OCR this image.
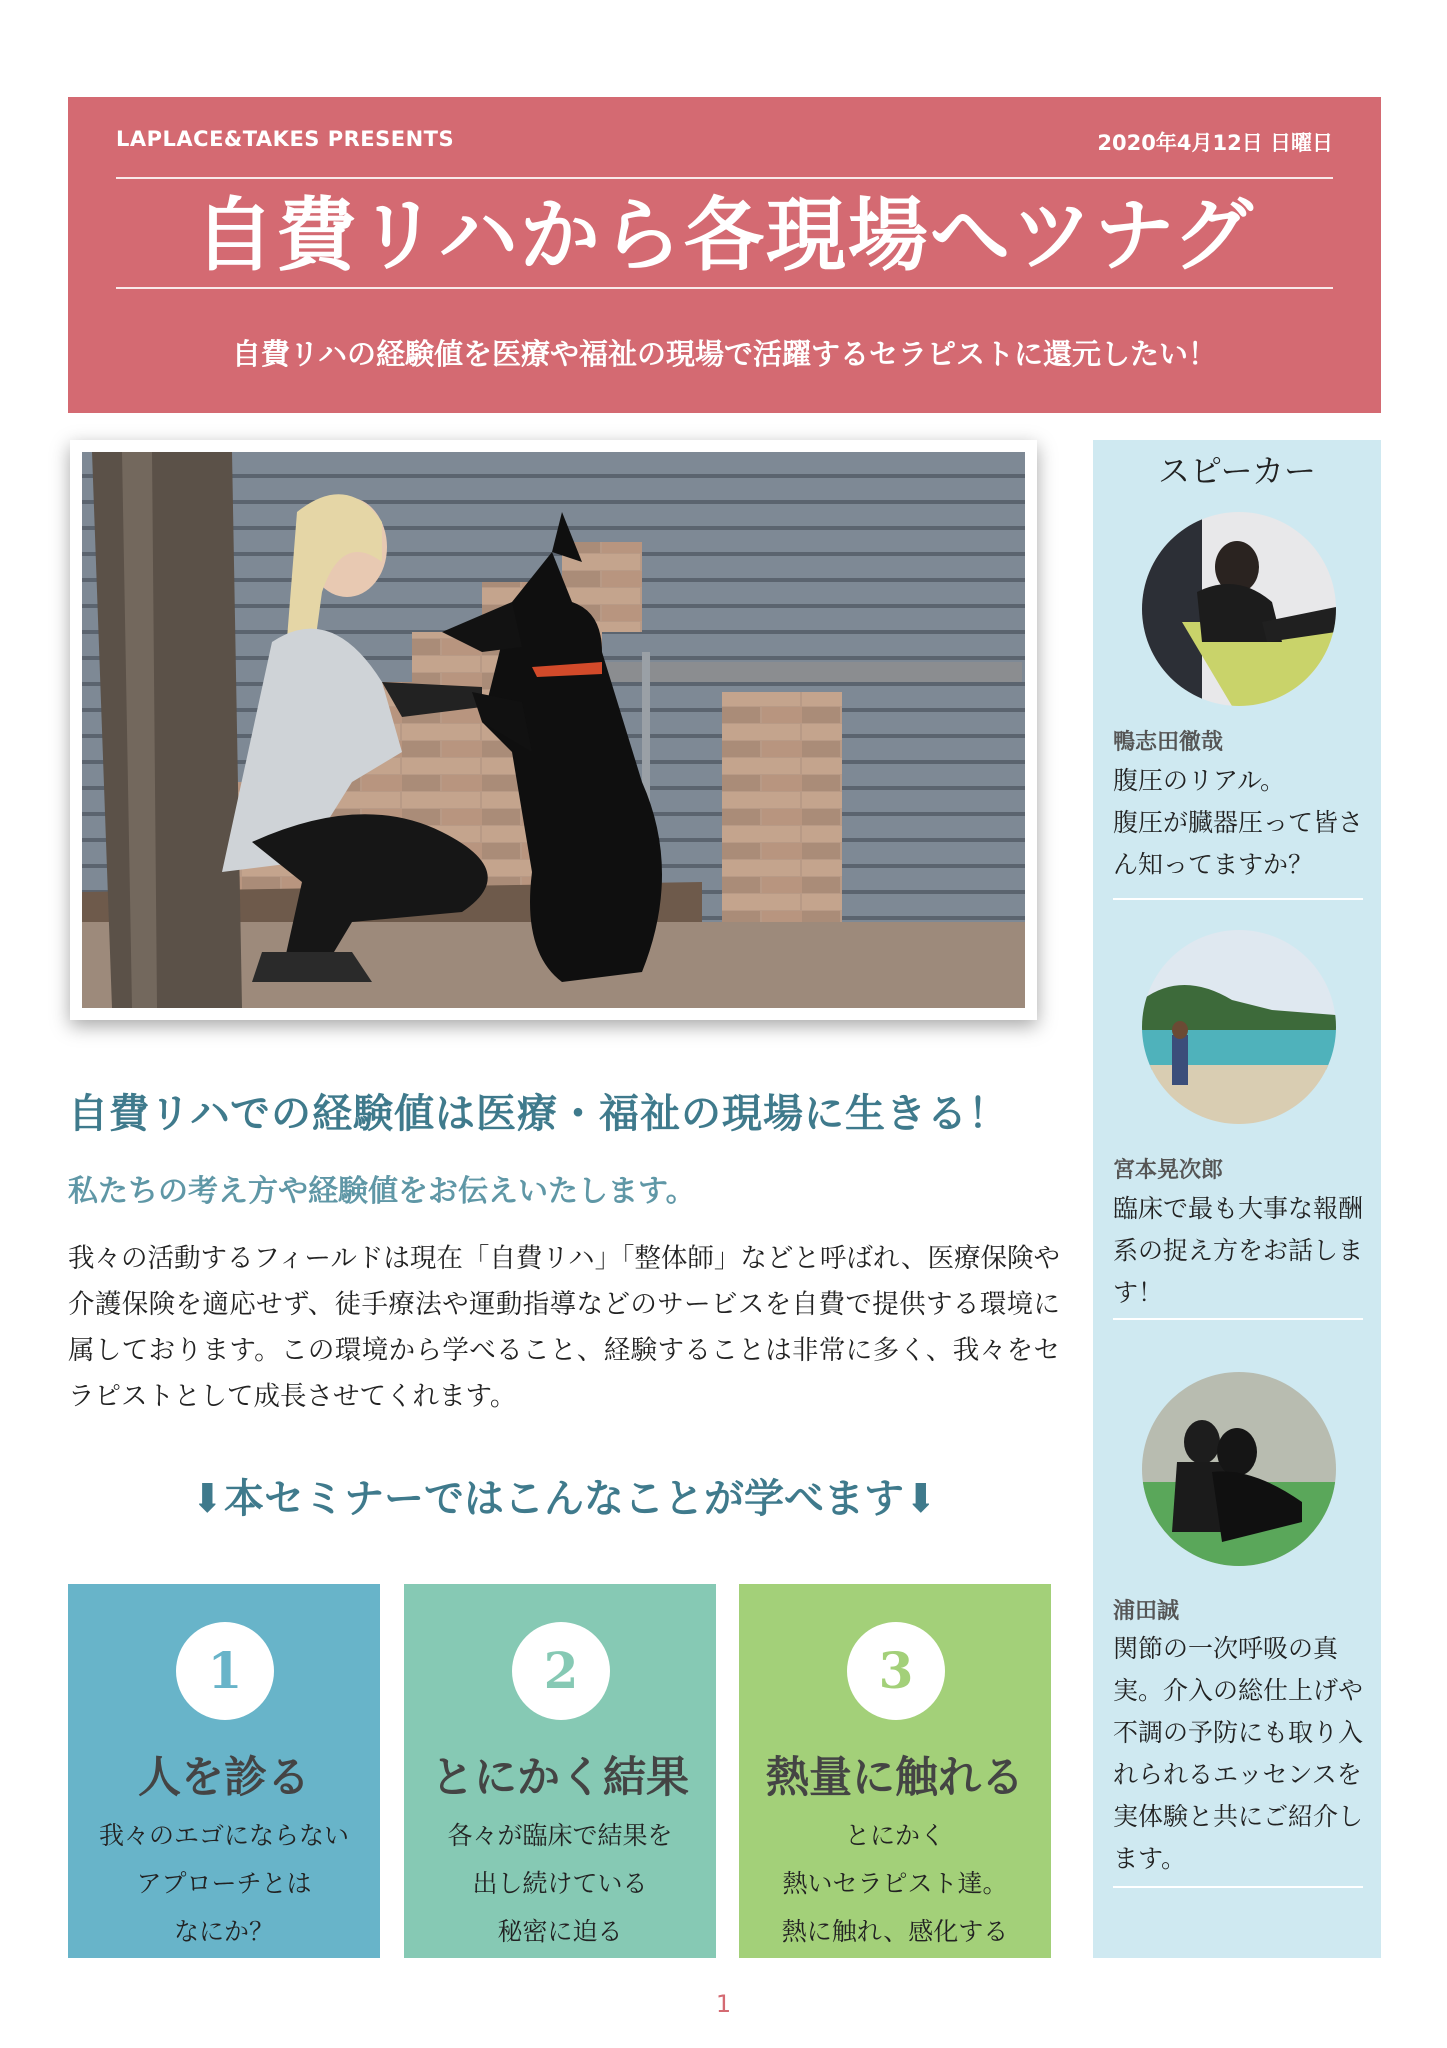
LAPLACE&TAKES PRESENTS	2020年4月12日 日曜日
自費リハから各現場へツナグ
自費リハの経験値を医療や福祉の現場で活躍するセラピストに還元したい！
自費リハでの経験値は医療・福祉の現場に生きる！
私たちの考え方や経験値をお伝えいたします。
我々の活動するフィールドは現在「自費リハ」「整体師」などと呼ばれ、医療保険や介護保険を適応せず、徒手療法や運動指導などのサービスを自費で提供する環境に属しております。この環境から学べること、経験することは非常に多く、我々をセラピストとして成長させてくれます。
⬇本セミナーではこんなことが学べます⬇
1
人を診る
我々のエゴにならない
アプローチとは
なにか？
2
とにかく結果
各々が臨床で結果を
出し続けている
秘密に迫る
3
熱量に触れる
とにかく
熱いセラピスト達。
熱に触れ、感化する
スピーカー
鴨志田徹哉
腹圧のリアル。
腹圧が臓器圧って皆さん知ってますか？
宮本晃次郎
臨床で最も大事な報酬系の捉え方をお話します！
浦田誠
関節の一次呼吸の真実。介入の総仕上げや不調の予防にも取り入れられるエッセンスを実体験と共にご紹介します。
1
